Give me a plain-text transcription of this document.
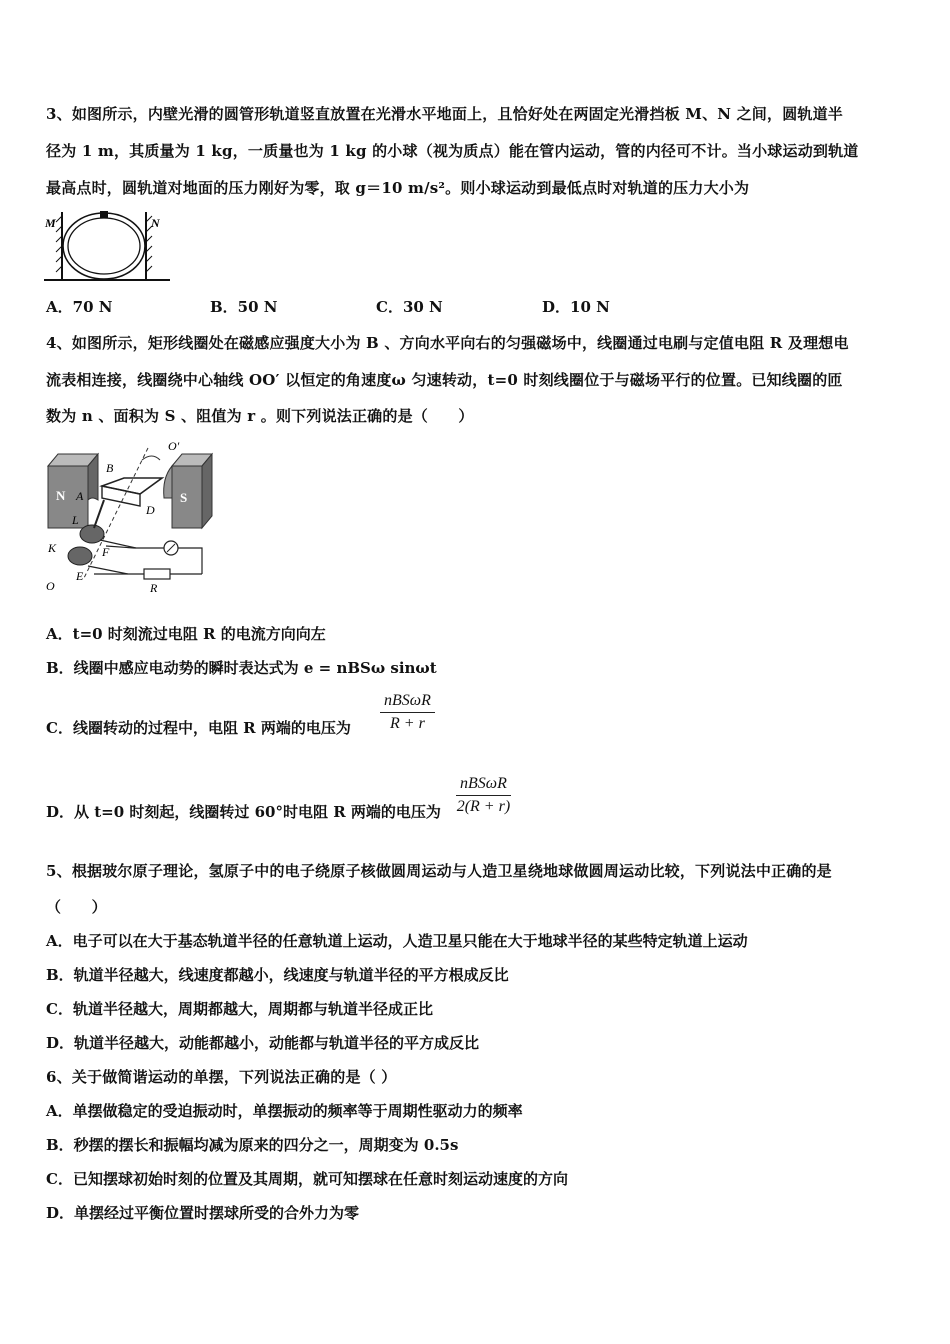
3、如图所示，内壁光滑的圆管形轨道竖直放置在光滑水平地面上，且恰好处在两固定光滑挡板 M、N 之间，圆轨道半
径为 1 m，其质量为 1 kg，一质量也为 1 kg 的小球（视为质点）能在管内运动，管的内径可不计。当小球运动到轨道
最高点时，圆轨道对地面的压力刚好为零，取 g＝10 m/s²。则小球运动到最低点时对轨道的压力大小为
M	N
A．70 N	B．50 N	C．30 N	D．10 N
4、如图所示，矩形线圈处在磁感应强度大小为 B 、方向水平向右的匀强磁场中，线圈通过电刷与定值电阻 R 及理想电
流表相连接，线圈绕中心轴线 OO′ 以恒定的角速度ω 匀速转动，t=0 时刻线圈位于与磁场平行的位置。已知线圈的匝
数为 n 、面积为 S 、阻值为 r 。则下列说法正确的是（　　）
N	S
O′
B
A
D
L
K	F
E
O	R
A．t=0 时刻流过电阻 R 的电流方向向左
B．线圈中感应电动势的瞬时表达式为 e = nBSω sinωt
C．线圈转动的过程中，电阻 R 两端的电压为
nBSωR
R + r
D．从 t=0 时刻起，线圈转过 60°时电阻 R 两端的电压为
nBSωR
2(R + r)
5、根据玻尔原子理论，氢原子中的电子绕原子核做圆周运动与人造卫星绕地球做圆周运动比较，下列说法中正确的是
（　　）
A．电子可以在大于基态轨道半径的任意轨道上运动，人造卫星只能在大于地球半径的某些特定轨道上运动
B．轨道半径越大，线速度都越小，线速度与轨道半径的平方根成反比
C．轨道半径越大，周期都越大，周期都与轨道半径成正比
D．轨道半径越大，动能都越小，动能都与轨道半径的平方成反比
6、关于做简谐运动的单摆，下列说法正确的是（ ）
A．单摆做稳定的受迫振动时，单摆振动的频率等于周期性驱动力的频率
B．秒摆的摆长和振幅均减为原来的四分之一，周期变为 0.5s
C．已知摆球初始时刻的位置及其周期，就可知摆球在任意时刻运动速度的方向
D．单摆经过平衡位置时摆球所受的合外力为零
